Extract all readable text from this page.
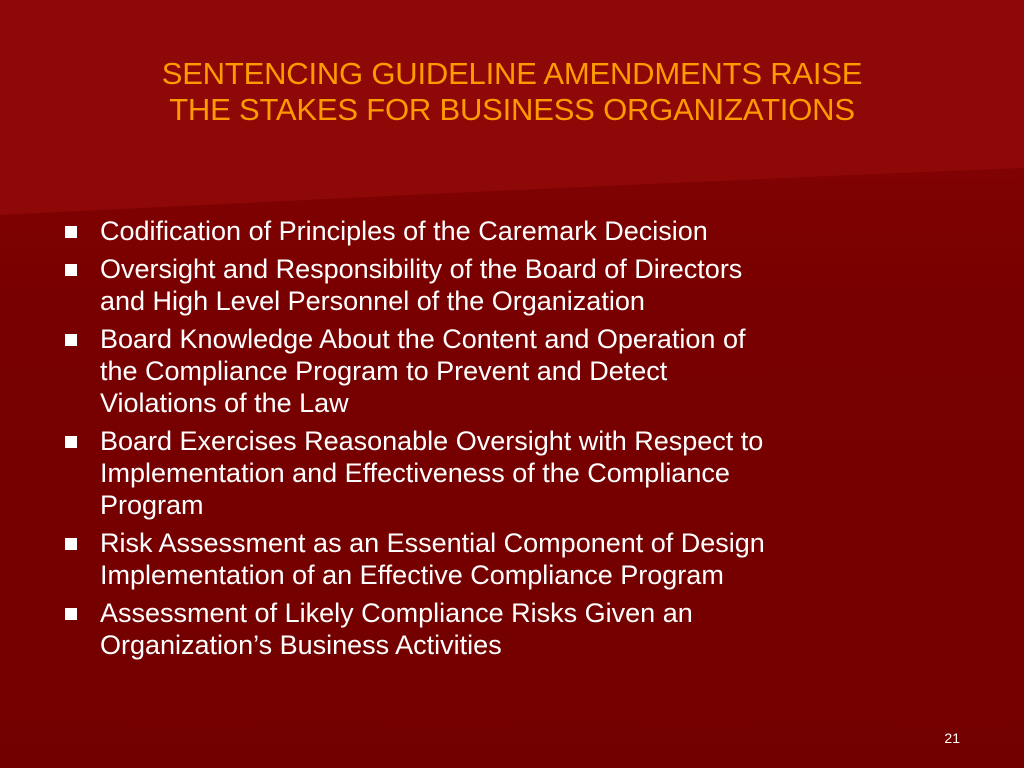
SENTENCING GUIDELINE AMENDMENTS RAISE
THE STAKES FOR BUSINESS ORGANIZATIONS
Codification of Principles of the Caremark Decision
Oversight and Responsibility of the Board of Directors
and High Level Personnel of the Organization
Board Knowledge About the Content and Operation of
the Compliance Program to Prevent and Detect
Violations of the Law
Board Exercises Reasonable Oversight with Respect to
Implementation and Effectiveness of the Compliance
Program
Risk Assessment as an Essential Component of Design
Implementation of an Effective Compliance Program
Assessment of Likely Compliance Risks Given an
Organization’s Business Activities
21
